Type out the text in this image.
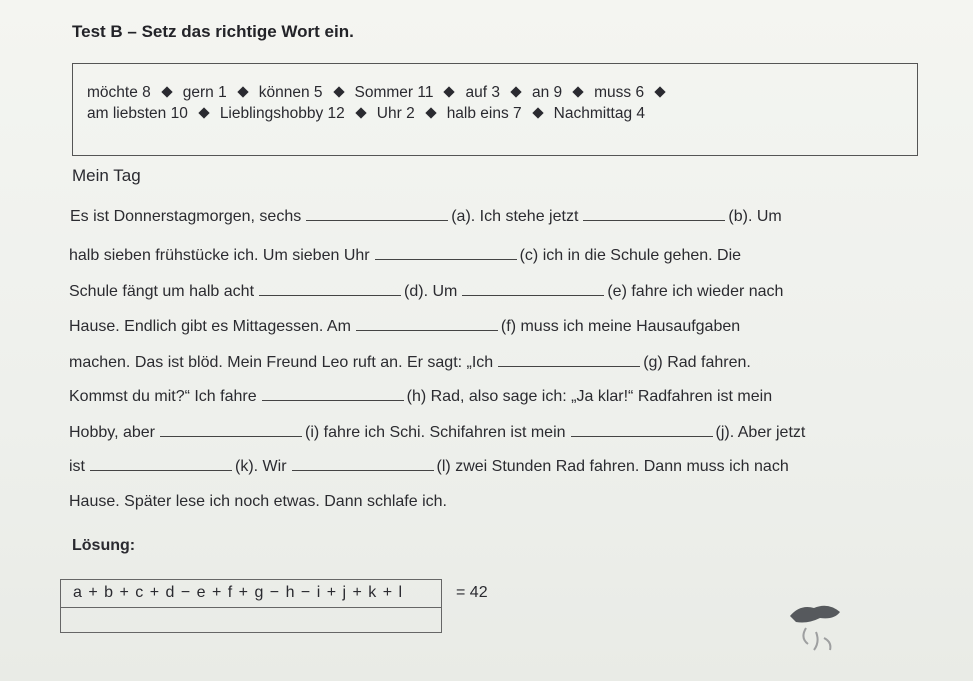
Test B – Setz das richtige Wort ein.
möchte 8 gern 1 können 5 Sommer 11 auf 3 an 9 muss 6
am liebsten 10 Lieblingshobby 12 Uhr 2 halb eins 7 Nachmittag 4
Mein Tag
Es ist Donnerstagmorgen, sechs	(a). Ich stehe jetzt	(b). Um
halb sieben frühstücke ich. Um sieben Uhr	(c) ich in die Schule gehen. Die
Schule fängt um halb acht	(d). Um	(e) fahre ich wieder nach
Hause. Endlich gibt es Mittagessen. Am	(f) muss ich meine Hausaufgaben
machen. Das ist blöd. Mein Freund Leo ruft an. Er sagt: „Ich	(g) Rad fahren.
Kommst du mit?“ Ich fahre	(h) Rad, also sage ich: „Ja klar!“ Radfahren ist mein
Hobby, aber	(i) fahre ich Schi. Schifahren ist mein	(j). Aber jetzt
ist	(k). Wir	(l) zwei Stunden Rad fahren. Dann muss ich nach
Hause. Später lese ich noch etwas. Dann schlafe ich.
Lösung:
a + b + c + d − e + f + g − h − i + j + k + l	= 42
